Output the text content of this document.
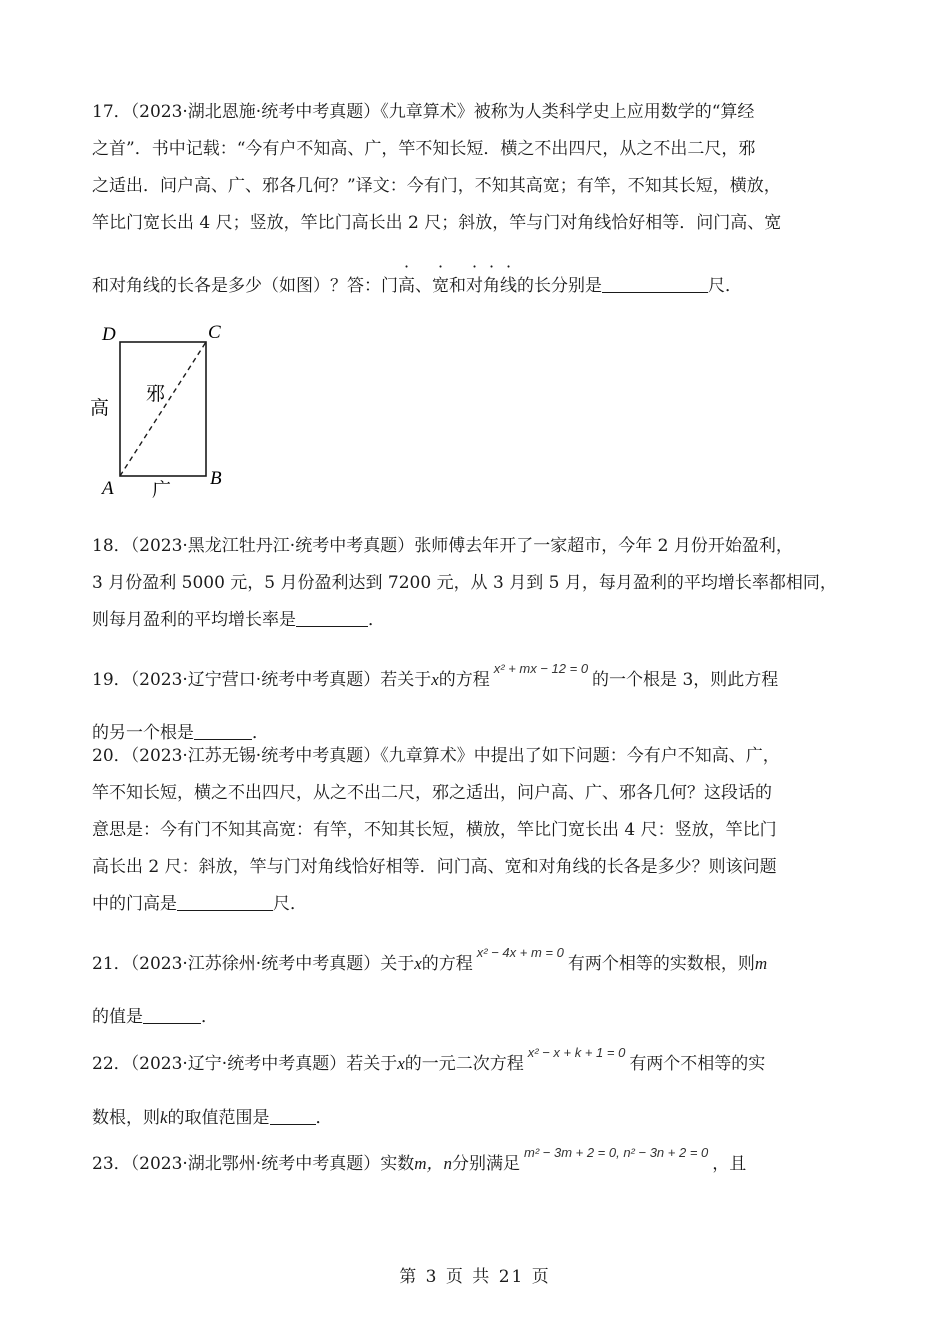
17．（2023·湖北恩施·统考中考真题）《九章算术》被称为人类科学史上应用数学的“算经
之首”．书中记载：“今有户不知高、广，竿不知长短．横之不出四尺，从之不出二尺，邪
之适出．问户高、广、邪各几何？”译文：今有门，不知其高宽；有竿，不知其长短，横放，
竿比门宽长出 4 尺；竖放，竿比门高长出 2 尺；斜放，竿与门对角线恰好相等．问门高、宽
和对角线的长各是多少（如图）？答：门高、宽和对角线的长分别是	尺．
D	C
A	B
高
邪
广
18．（2023·黑龙江牡丹江·统考中考真题）张师傅去年开了一家超市，今年 2 月份开始盈利，
3 月份盈利 5000 元，5 月份盈利达到 7200 元，从 3 月到 5 月，每月盈利的平均增长率都相同，
则每月盈利的平均增长率是	．
19．（2023·辽宁营口·统考中考真题）若关于x的方程$^{x^2 + mx - 12 = 0}$的一个根是 3，则此方程
的另一个根是	．
20．（2023·江苏无锡·统考中考真题）《九章算术》中提出了如下问题：今有户不知高、广，
竿不知长短，横之不出四尺，从之不出二尺，邪之适出，问户高、广、邪各几何？这段话的
意思是：今有门不知其高宽：有竿，不知其长短，横放，竿比门宽长出 4 尺：竖放，竿比门
高长出 2 尺：斜放，竿与门对角线恰好相等．问门高、宽和对角线的长各是多少？则该问题
中的门高是	尺．
21．（2023·江苏徐州·统考中考真题）关于x的方程$^{x^2 - 4x + m = 0}$有两个相等的实数根，则m
的值是	．
22．（2023·辽宁·统考中考真题）若关于x的一元二次方程$^{x^2 - x + k + 1 = 0}$有两个不相等的实
数根，则k的取值范围是	．
23．（2023·湖北鄂州·统考中考真题）实数m，n分别满足$^{m^2 - 3m + 2 = 0, n^2 - 3n + 2 = 0}$，且
第 3 页 共 21 页
